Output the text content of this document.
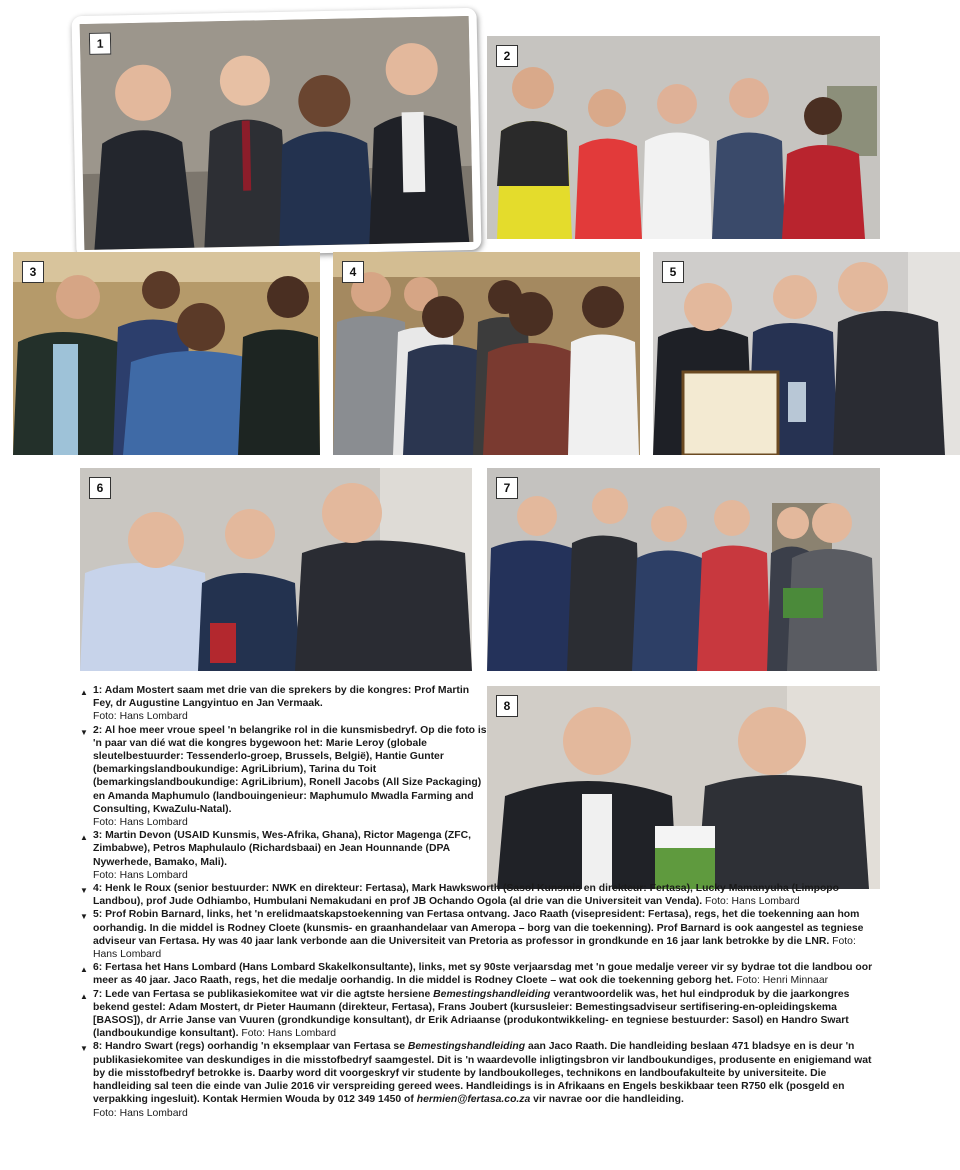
1
2
3	4	5
6	7
8
▲ 1: Adam Mostert saam met drie van die sprekers by die kongres: Prof Martin Fey, dr Augustine Langyintuo en Jan Vermaak.
Foto: Hans Lombard
▼ 2: Al hoe meer vroue speel 'n belangrike rol in die kunsmisbedryf. Op die foto is 'n paar van dié wat die kongres bygewoon het: Marie Leroy (globale sleutelbestuurder: Tessenderlo-groep, Brussels, België), Hantie Gunter (bemarkingslandboukundige: AgriLibrium), Tarina du Toit (bemarkingslandboukundige: AgriLibrium), Ronell Jacobs (All Size Packaging) en Amanda Maphumulo (landbouingenieur: Maphumulo Mwadla Farming and Consulting, KwaZulu-Natal).
Foto: Hans Lombard
▲ 3: Martin Devon (USAID Kunsmis, Wes-Afrika, Ghana), Rictor Magenga (ZFC, Zimbabwe), Petros Maphulaulo (Richardsbaai) en Jean Hounnande (DPA Nywerhede, Bamako, Mali).
Foto: Hans Lombard
▼ 4: Henk le Roux (senior bestuurder: NWK en direkteur: Fertasa), Mark Hawksworth (Sasol Kunsmis en direkteur: Fertasa), Lucky Mamanyuha (Limpopo Landbou), prof Jude Odhiambo, Humbulani Nemakudani en prof JB Ochando Ogola (al drie van die Universiteit van Venda). Foto: Hans Lombard
▼ 5: Prof Robin Barnard, links, het 'n erelidmaatskapstoekenning van Fertasa ontvang. Jaco Raath (visepresident: Fertasa), regs, het die toekenning aan hom oorhandig. In die middel is Rodney Cloete (kunsmis- en graanhandelaar van Ameropa – borg van die toekenning). Prof Barnard is ook aangestel as tegniese adviseur van Fertasa. Hy was 40 jaar lank verbonde aan die Universiteit van Pretoria as professor in grondkunde en 16 jaar lank betrokke by die LNR. Foto: Hans Lombard
▲ 6: Fertasa het Hans Lombard (Hans Lombard Skakelkonsultante), links, met sy 90ste verjaarsdag met 'n goue medalje vereer vir sy bydrae tot die landbou oor meer as 40 jaar. Jaco Raath, regs, het die medalje oorhandig. In die middel is Rodney Cloete – wat ook die toekenning geborg het. Foto: Henri Minnaar
▲ 7: Lede van Fertasa se publikasiekomitee wat vir die agtste hersiene Bemestingshandleiding verantwoordelik was, het hul eindproduk by die jaarkongres bekend gestel: Adam Mostert, dr Pieter Haumann (direkteur, Fertasa), Frans Joubert (kursusleier: Bemestingsadviseur sertifisering-en-opleidingskema [BASOS]), dr Arrie Janse van Vuuren (grondkundige konsultant), dr Erik Adriaanse (produkontwikkeling- en tegniese bestuurder: Sasol) en Handro Swart (landboukundige konsultant). Foto: Hans Lombard
▼ 8: Handro Swart (regs) oorhandig 'n eksemplaar van Fertasa se Bemestingshandleiding aan Jaco Raath. Die handleiding beslaan 471 bladsye en is deur 'n publikasiekomitee van deskundiges in die misstofbedryf saamgestel. Dit is 'n waardevolle inligtingsbron vir landboukundiges, produsente en enigiemand wat by die misstofbedryf betrokke is. Daarby word dit voorgeskryf vir studente by landboukolleges, technikons en landboufakulteite by universiteite. Die handleiding sal teen die einde van Julie 2016 vir verspreiding gereed wees. Handleidings is in Afrikaans en Engels beskikbaar teen R750 elk (posgeld en verpakking ingesluit). Kontak Hermien Wouda by 012 349 1450 of hermien@fertasa.co.za vir navrae oor die handleiding.
Foto: Hans Lombard
